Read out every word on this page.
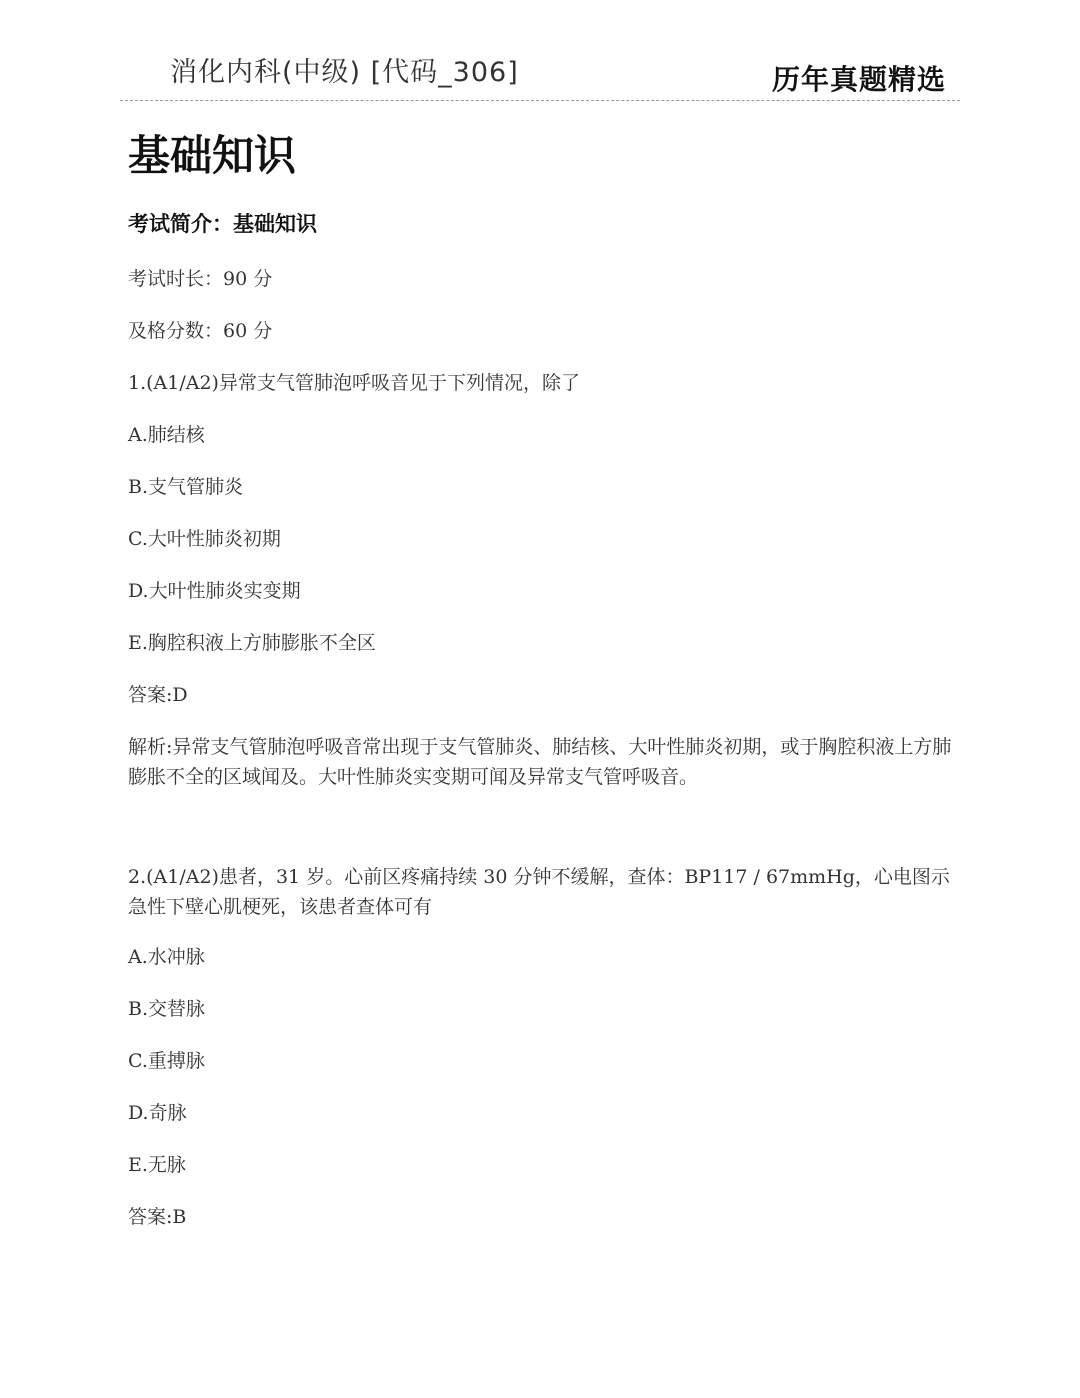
消化内科(中级) [代码_306]	历年真题精选
基础知识
考试简介：基础知识
考试时长：90 分
及格分数：60 分
1.(A1/A2)异常支气管肺泡呼吸音见于下列情况，除了
A.肺结核
B.支气管肺炎
C.大叶性肺炎初期
D.大叶性肺炎实变期
E.胸腔积液上方肺膨胀不全区
答案:D
解析:异常支气管肺泡呼吸音常出现于支气管肺炎、肺结核、大叶性肺炎初期，或于胸腔积液上方肺膨胀不全的区域闻及。大叶性肺炎实变期可闻及异常支气管呼吸音。
2.(A1/A2)患者，31 岁。心前区疼痛持续 30 分钟不缓解，查体：BP117 / 67mmHg，心电图示急性下壁心肌梗死，该患者查体可有
A.水冲脉
B.交替脉
C.重搏脉
D.奇脉
E.无脉
答案:B
